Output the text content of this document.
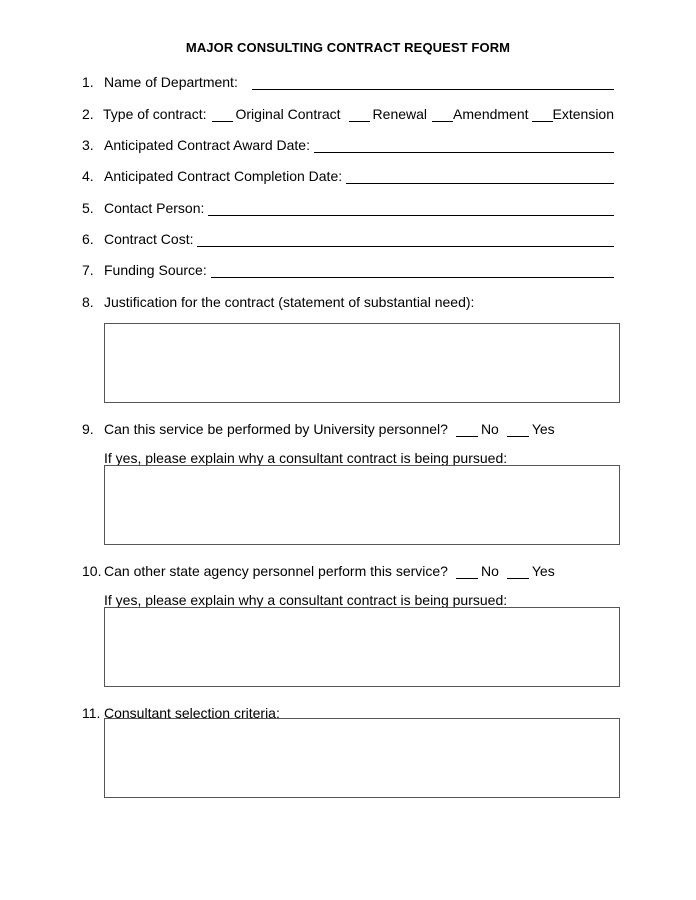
MAJOR CONSULTING CONTRACT REQUEST FORM
1. Name of Department:
2. Type of contract: Original Contract Renewal Amendment Extension
3. Anticipated Contract Award Date:
4. Anticipated Contract Completion Date:
5. Contact Person:
6. Contract Cost:
7. Funding Source:
8. Justification for the contract (statement of substantial need):
9. Can this service be performed by University personnel? No Yes
If yes, please explain why a consultant contract is being pursued:
10. Can other state agency personnel perform this service? No Yes
If yes, please explain why a consultant contract is being pursued:
11. Consultant selection criteria:
